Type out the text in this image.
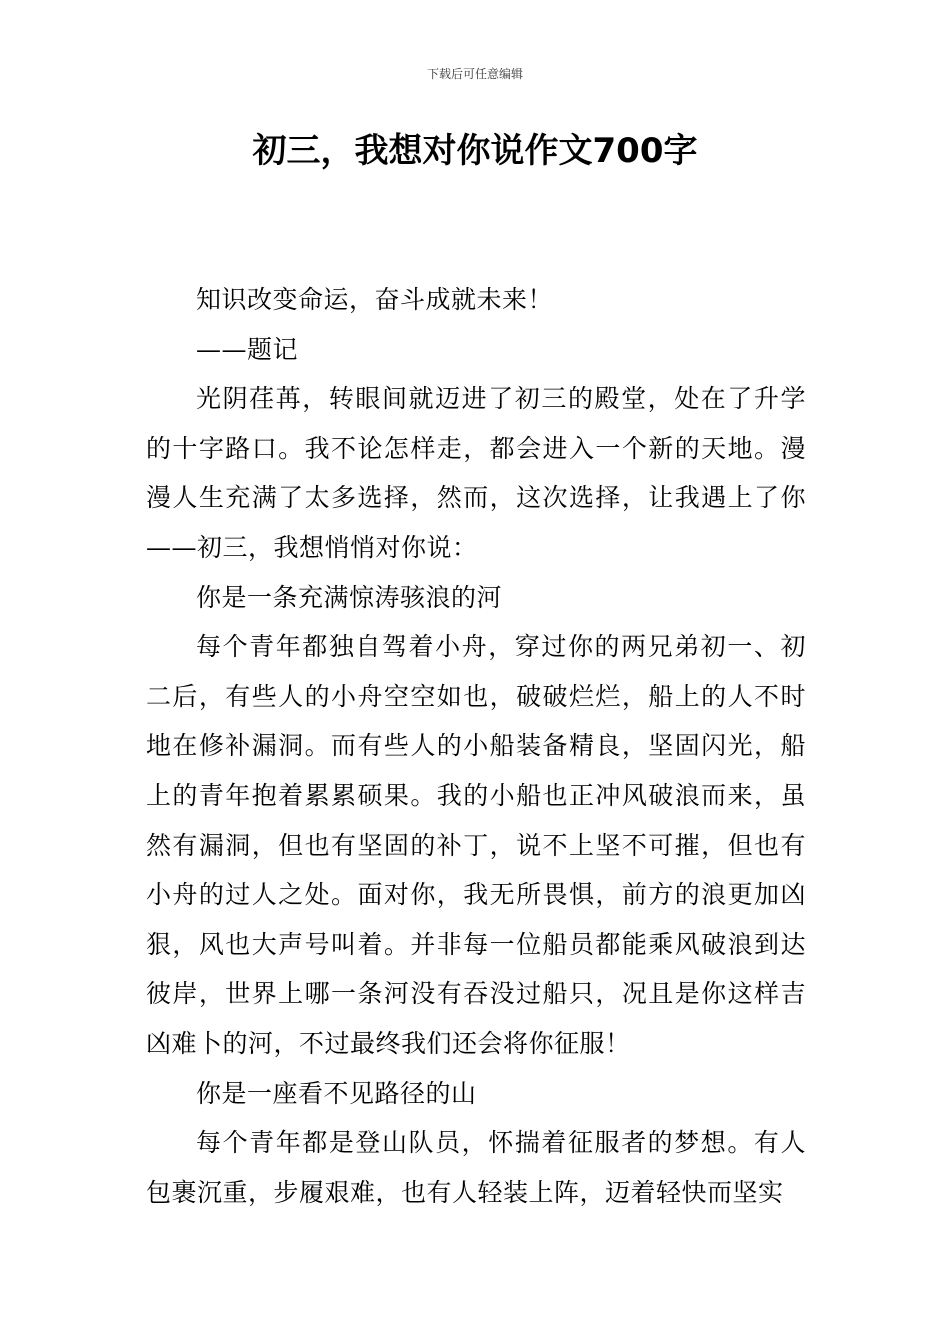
下载后可任意编辑
初三，我想对你说作文700字

知识改变命运，奋斗成就未来！

——题记

光阴荏苒，转眼间就迈进了初三的殿堂，处在了升学的十字路口。我不论怎样走，都会进入一个新的天地。漫漫人生充满了太多选择，然而，这次选择，让我遇上了你——初三，我想悄悄对你说：

你是一条充满惊涛骇浪的河

每个青年都独自驾着小舟，穿过你的两兄弟初一、初二后，有些人的小舟空空如也，破破烂烂，船上的人不时地在修补漏洞。而有些人的小船装备精良，坚固闪光，船上的青年抱着累累硕果。我的小船也正冲风破浪而来，虽然有漏洞，但也有坚固的补丁，说不上坚不可摧，但也有小舟的过人之处。面对你，我无所畏惧，前方的浪更加凶狠，风也大声号叫着。并非每一位船员都能乘风破浪到达彼岸，世界上哪一条河没有吞没过船只，况且是你这样吉凶难卜的河，不过最终我们还会将你征服！

你是一座看不见路径的山

每个青年都是登山队员，怀揣着征服者的梦想。有人包裹沉重，步履艰难，也有人轻装上阵，迈着轻快而坚实
